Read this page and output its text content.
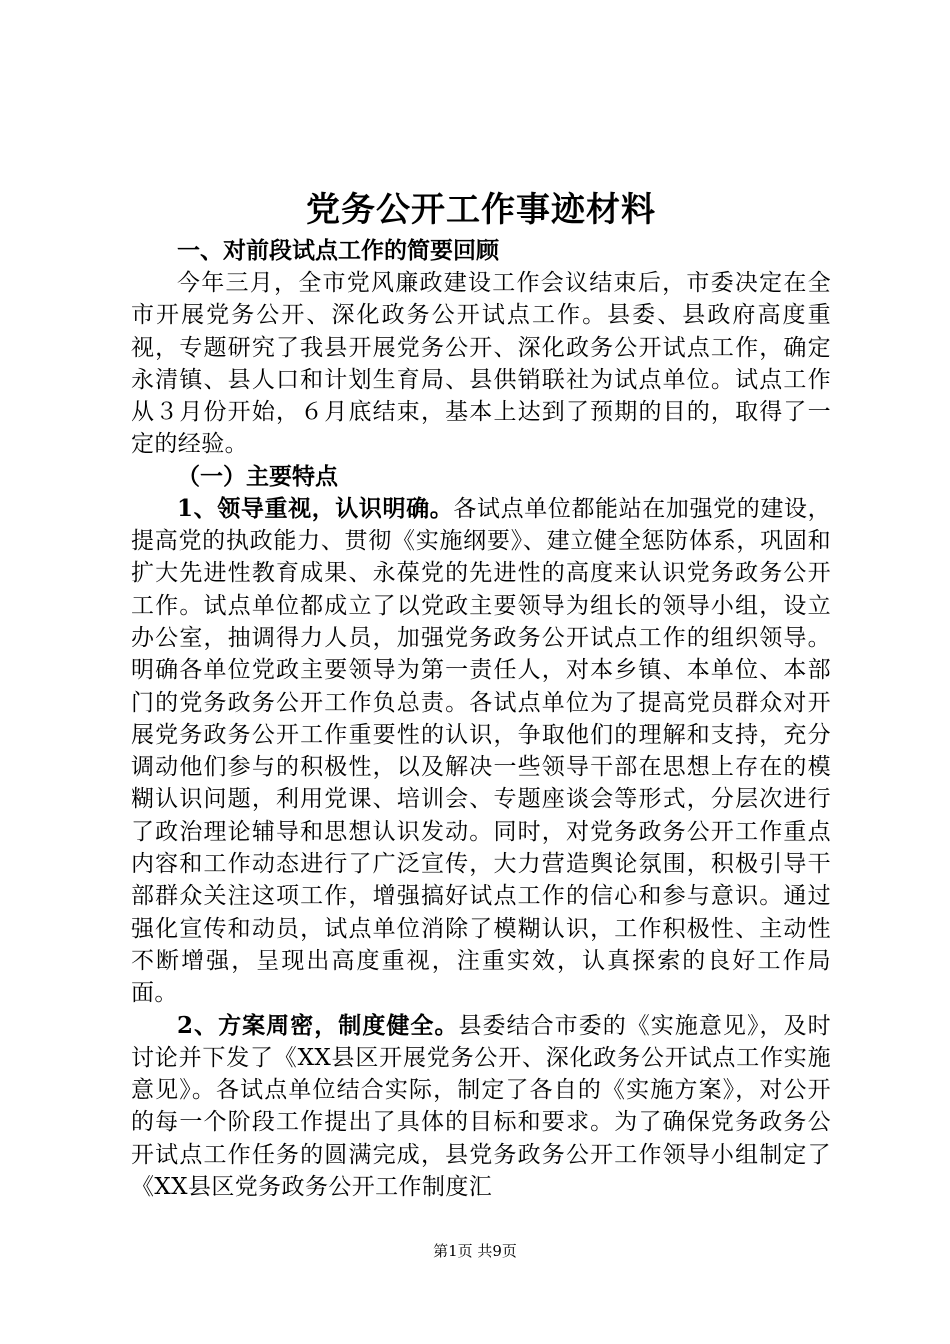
党务公开工作事迹材料

一、对前段试点工作的简要回顾

今年三月，全市党风廉政建设工作会议结束后，市委决定在全市开展党务公开、深化政务公开试点工作。县委、县政府高度重视，专题研究了我县开展党务公开、深化政务公开试点工作，确定永清镇、县人口和计划生育局、县供销联社为试点单位。试点工作从３月份开始，６月底结束，基本上达到了预期的目的，取得了一定的经验。

（一）主要特点

1、领导重视，认识明确。各试点单位都能站在加强党的建设，提高党的执政能力、贯彻《实施纲要》、建立健全惩防体系，巩固和扩大先进性教育成果、永葆党的先进性的高度来认识党务政务公开工作。试点单位都成立了以党政主要领导为组长的领导小组，设立办公室，抽调得力人员，加强党务政务公开试点工作的组织领导。明确各单位党政主要领导为第一责任人，对本乡镇、本单位、本部门的党务政务公开工作负总责。各试点单位为了提高党员群众对开展党务政务公开工作重要性的认识，争取他们的理解和支持，充分调动他们参与的积极性，以及解决一些领导干部在思想上存在的模糊认识问题，利用党课、培训会、专题座谈会等形式，分层次进行了政治理论辅导和思想认识发动。同时，对党务政务公开工作重点内容和工作动态进行了广泛宣传，大力营造舆论氛围，积极引导干部群众关注这项工作，增强搞好试点工作的信心和参与意识。通过强化宣传和动员，试点单位消除了模糊认识，工作积极性、主动性不断增强，呈现出高度重视，注重实效，认真探索的良好工作局面。

2、方案周密，制度健全。县委结合市委的《实施意见》，及时讨论并下发了《XX县区开展党务公开、深化政务公开试点工作实施意见》。各试点单位结合实际，制定了各自的《实施方案》，对公开的每一个阶段工作提出了具体的目标和要求。为了确保党务政务公开试点工作任务的圆满完成，县党务政务公开工作领导小组制定了《XX县区党务政务公开工作制度汇

第1页 共9页
